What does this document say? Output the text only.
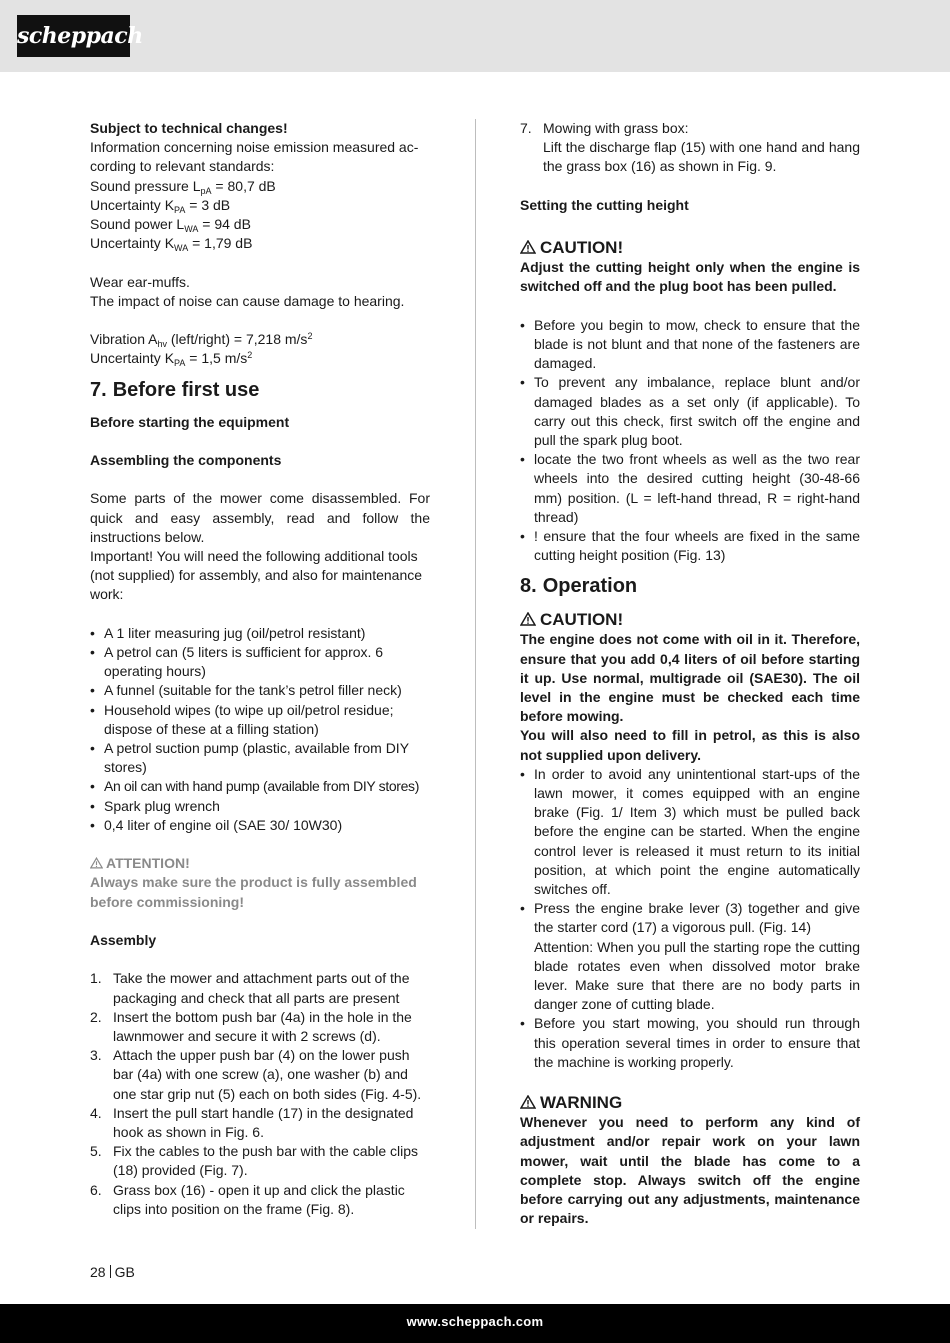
scheppach
Subject to technical changes!
Information concerning noise emission measured ac-
cording to relevant standards:
Sound pressure $L_{pA} = 80,7$ dB
Uncertainty $K_{PA} = 3$ dB
Sound power $L_{WA} = 94$ dB
Uncertainty $K_{WA} = 1,79$ dB
Wear ear-muffs.
The impact of noise can cause damage to hearing.
Vibration $A_{hv}$ (left/right) = 7,218 $m/s^2$
Uncertainty $K_{PA} = 1,5$ $m/s^2$
7. Before first use
Before starting the equipment
Assembling the components

Some parts of the mower come disassembled. For quick and easy assembly, read and follow the instructions below.

Important! You will need the following additional tools (not supplied) for assembly, and also for maintenance work:

• A 1 liter measuring jug (oil/petrol resistant)
• A petrol can (5 liters is sufficient for approx. 6 operating hours)
• A funnel (suitable for the tank’s petrol filler neck)
• Household wipes (to wipe up oil/petrol residue; dispose of these at a filling station)
• A petrol suction pump (plastic, available from DIY stores)
• An oil can with hand pump (available from DIY stores)
• Spark plug wrench
• 0,4 liter of engine oil (SAE 30/ 10W30)
ATTENTION!

Always make sure the product is fully assembled before commissioning!

Assembly
1. Take the mower and attachment parts out of the packaging and check that all parts are present
2. Insert the bottom push bar (4a) in the hole in the lawnmower and secure it with 2 screws (d).
3. Attach the upper push bar (4) on the lower push bar (4a) with one screw (a), one washer (b) and one star grip nut (5) each on both sides (Fig. 4-5).
4. Insert the pull start handle (17) in the designated hook as shown in Fig. 6.
5. Fix the cables to the push bar with the cable clips (18) provided (Fig. 7).
6. Grass box (16) - open it up and click the plastic clips into position on the frame (Fig. 8).
7. Mowing with grass box:
Lift the discharge flap (15) with one hand and hang the grass box (16) as shown in Fig. 9.
Setting the cutting height
CAUTION!

Adjust the cutting height only when the engine is switched off and the plug boot has been pulled.

• Before you begin to mow, check to ensure that the blade is not blunt and that none of the fasteners are damaged.
• To prevent any imbalance, replace blunt and/or damaged blades as a set only (if applicable). To carry out this check, first switch off the engine and pull the spark plug boot.
• locate the two front wheels as well as the two rear wheels into the desired cutting height (30-48-66 mm) position. (L = left-hand thread, R = right-hand thread)
• ! ensure that the four wheels are fixed in the same cutting height position (Fig. 13)
8. Operation
CAUTION!

The engine does not come with oil in it. Therefore, ensure that you add 0,4 liters of oil before starting it up. Use normal, multigrade oil (SAE30). The oil level in the engine must be checked each time before mowing.

You will also need to fill in petrol, as this is also not supplied upon delivery.

• In order to avoid any unintentional start-ups of the lawn mower, it comes equipped with an engine brake (Fig. 1/ Item 3) which must be pulled back before the engine can be started. When the engine control lever is released it must return to its initial position, at which point the engine automatically switches off.
• Press the engine brake lever (3) together and give the starter cord (17) a vigorous pull. (Fig. 14)
Attention: When you pull the starting rope the cutting blade rotates even when dissolved motor brake lever. Make sure that there are no body parts in danger zone of cutting blade.
• Before you start mowing, you should run through this operation several times in order to ensure that the machine is working properly.
WARNING

Whenever you need to perform any kind of adjustment and/or repair work on your lawn mower, wait until the blade has come to a complete stop. Always switch off the engine before carrying out any adjustments, maintenance or repairs.

28 GB
www.scheppach.com
